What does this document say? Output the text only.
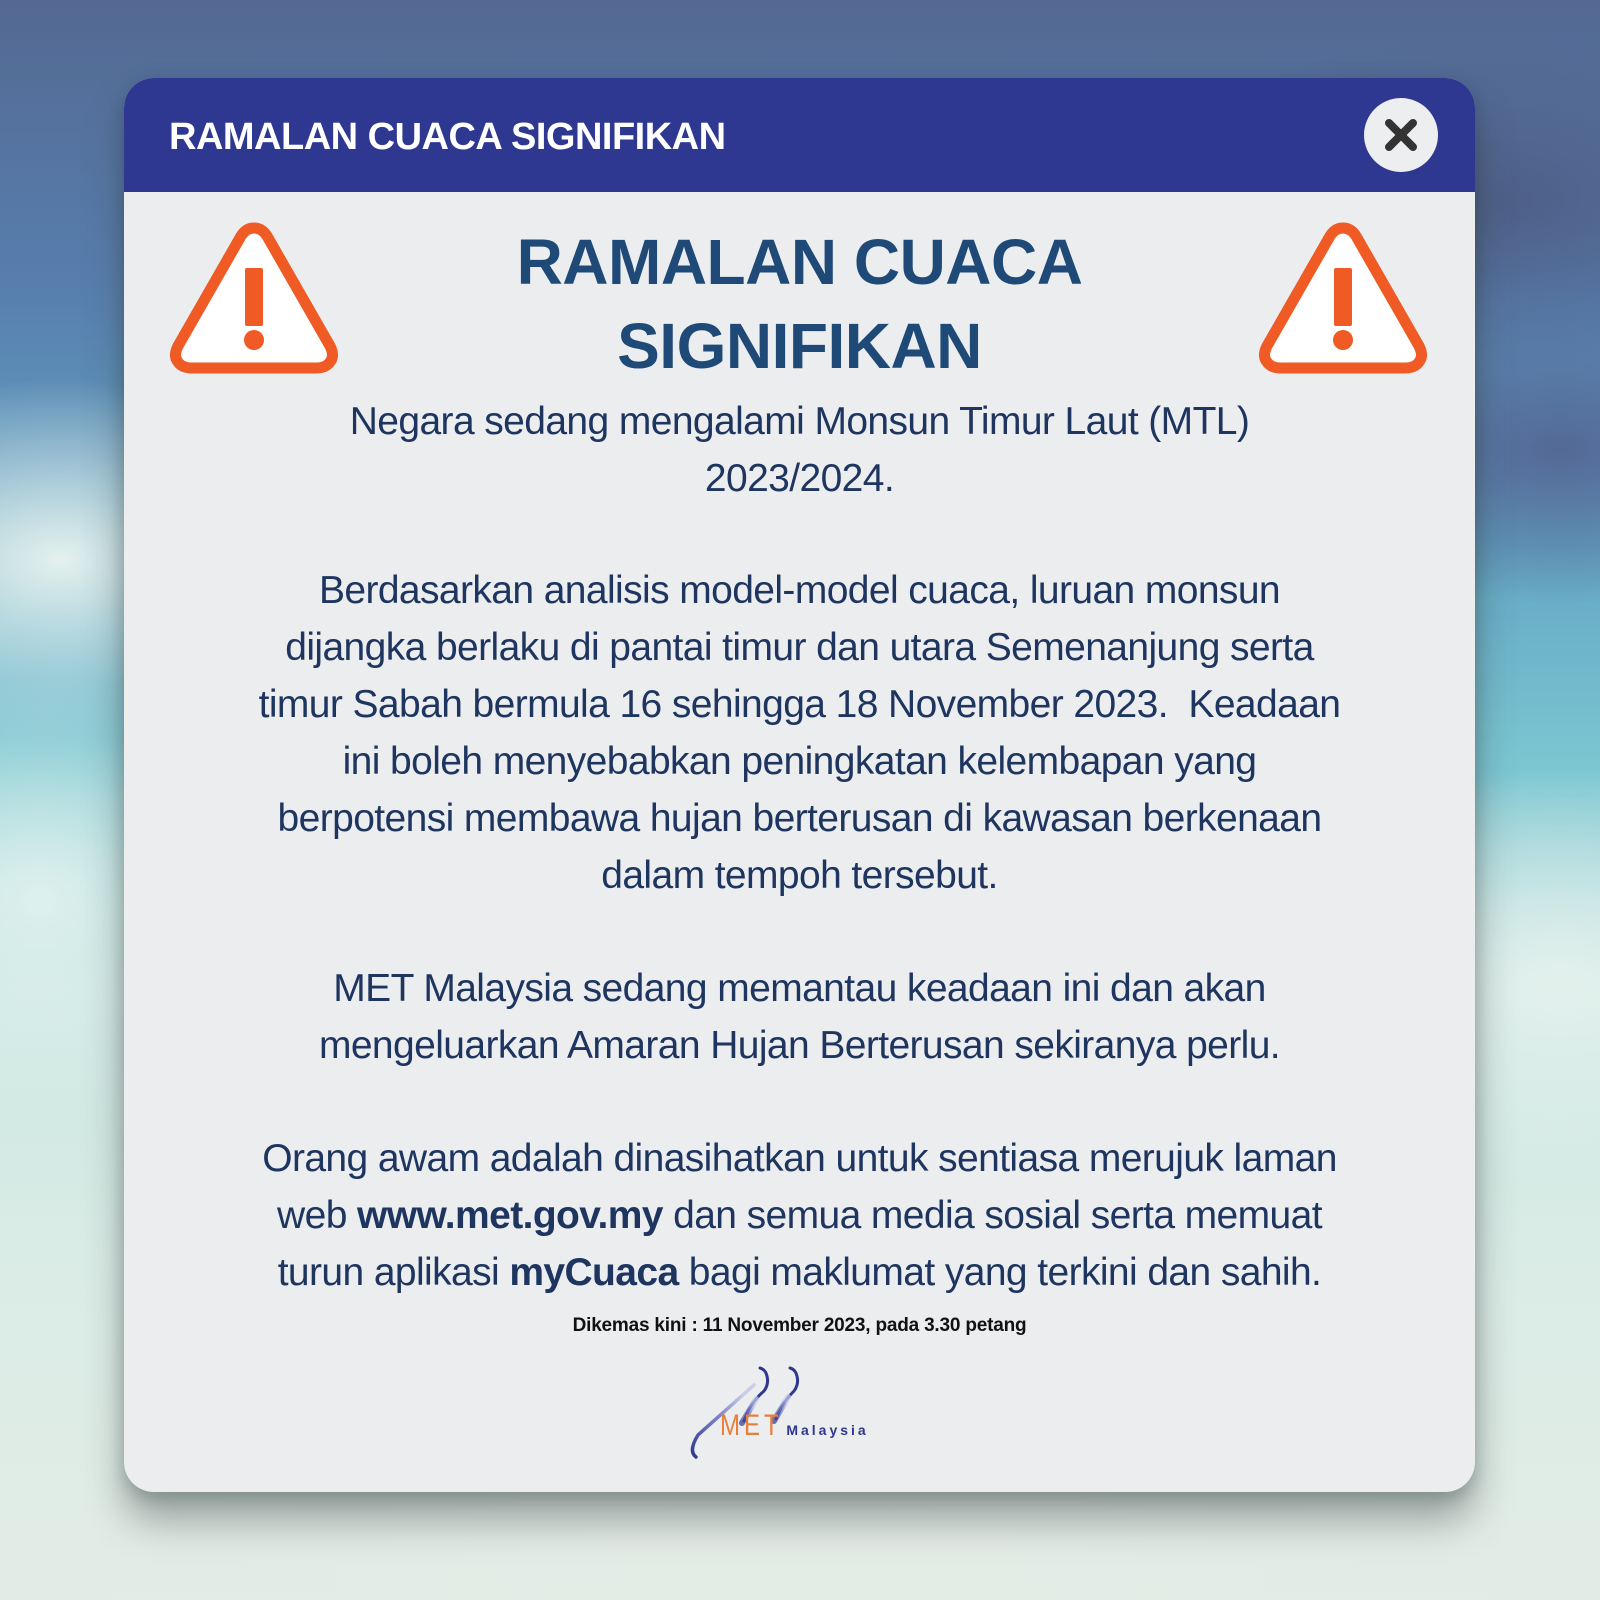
RAMALAN CUACA SIGNIFIKAN
RAMALAN CUACA
SIGNIFIKAN
Negara sedang mengalami Monsun Timur Laut (MTL)
2023/2024.
Berdasarkan analisis model-model cuaca, luruan monsun
dijangka berlaku di pantai timur dan utara Semenanjung serta
timur Sabah bermula 16 sehingga 18 November 2023.  Keadaan
ini boleh menyebabkan peningkatan kelembapan yang
berpotensi membawa hujan berterusan di kawasan berkenaan
dalam tempoh tersebut.
MET Malaysia sedang memantau keadaan ini dan akan
mengeluarkan Amaran Hujan Berterusan sekiranya perlu.
Orang awam adalah dinasihatkan untuk sentiasa merujuk laman
web www.met.gov.my dan semua media sosial serta memuat
turun aplikasi myCuaca bagi maklumat yang terkini dan sahih.
Dikemas kini : 11 November 2023, pada 3.30 petang
MET Malaysia
